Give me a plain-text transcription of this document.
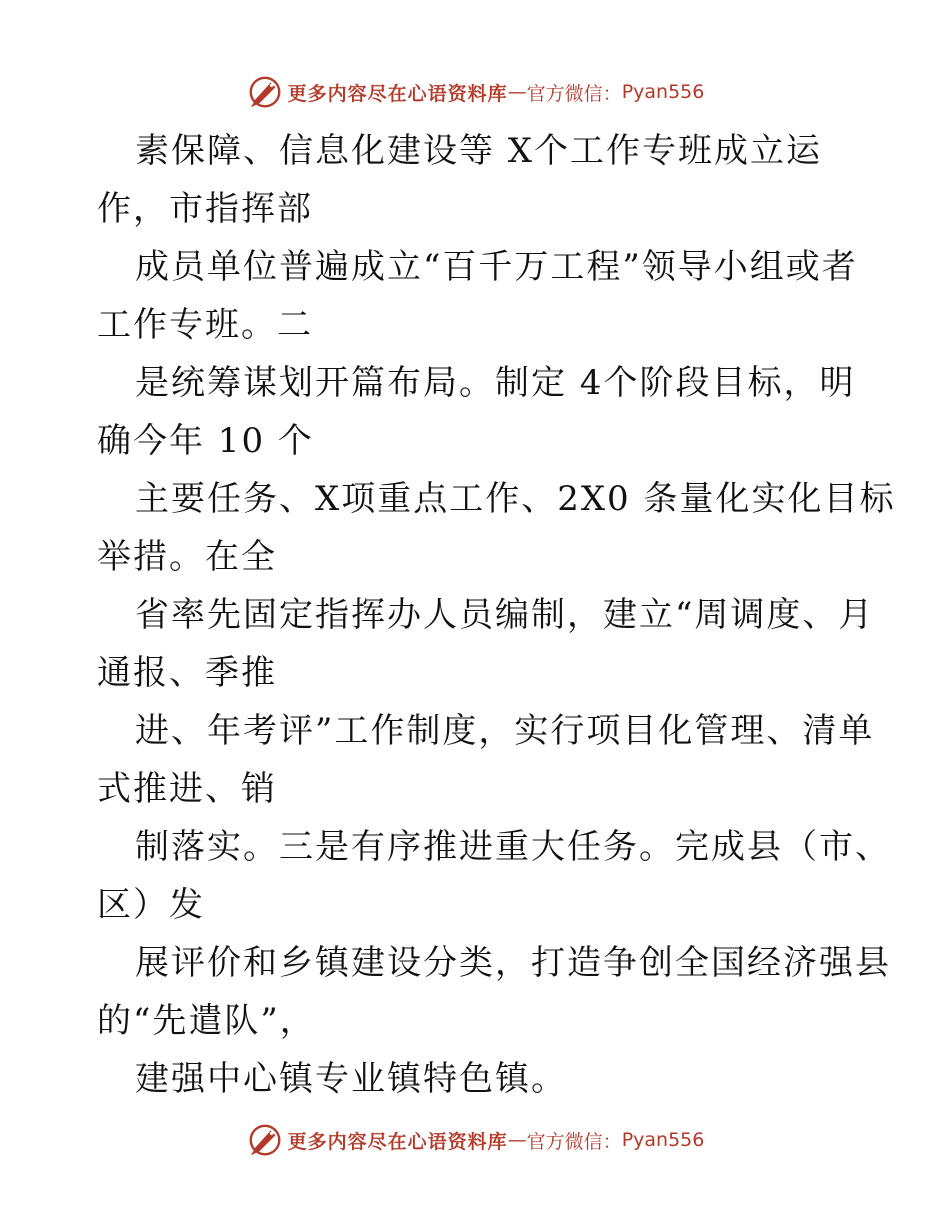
更多内容尽在心语资料库 — 官方微信： Pyan556
素保障、信息化建设等 X个工作专班成立运
作，市指挥部
成员单位普遍成立“百千万工程”领导小组或者
工作专班。二
是统筹谋划开篇布局。制定 4个阶段目标，明
确今年 10 个
主要任务、X项重点工作、2X0 条量化实化目标
举措。在全
省率先固定指挥办人员编制，建立“周调度、月
通报、季推
进、年考评”工作制度，实行项目化管理、清单
式推进、销
制落实。三是有序推进重大任务。完成县（市、
区）发
展评价和乡镇建设分类，打造争创全国经济强县
的“先遣队”，
建强中心镇专业镇特色镇。
更多内容尽在心语资料库 — 官方微信： Pyan556
